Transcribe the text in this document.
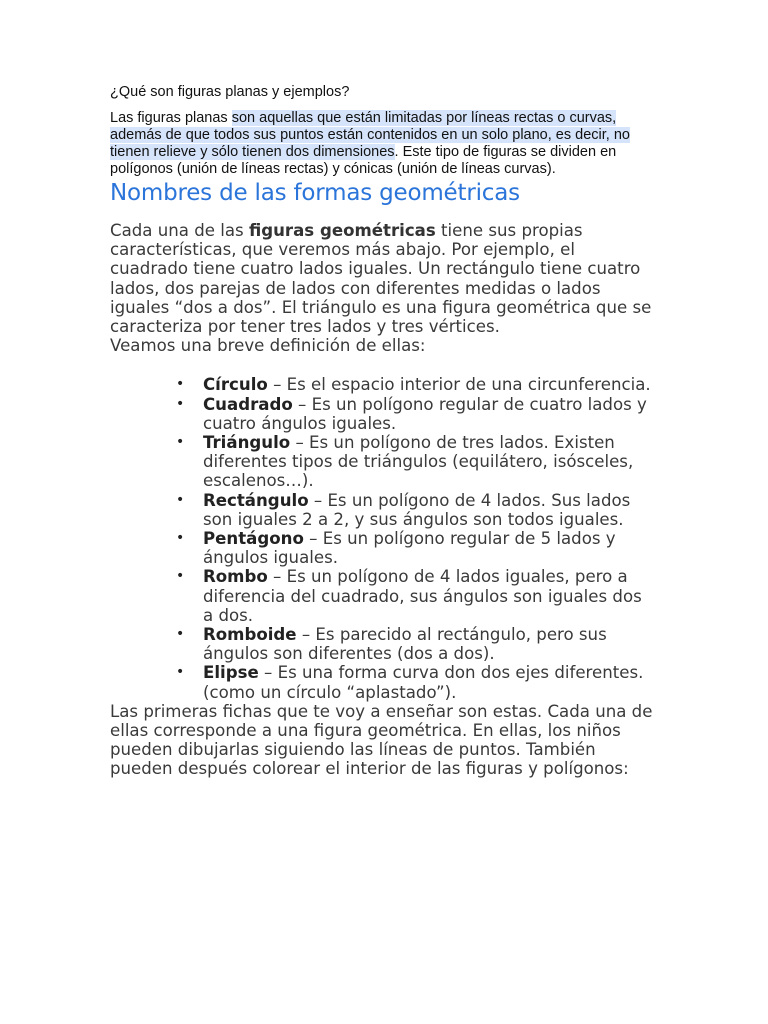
¿Qué son figuras planas y ejemplos?

Las figuras planas son aquellas que están limitadas por líneas rectas o curvas, además de que todos sus puntos están contenidos en un solo plano, es decir, no tienen relieve y sólo tienen dos dimensiones. Este tipo de figuras se dividen en polígonos (unión de líneas rectas) y cónicas (unión de líneas curvas).

Nombres de las formas geométricas

Cada una de las figuras geométricas tiene sus propias características, que veremos más abajo. Por ejemplo, el cuadrado tiene cuatro lados iguales. Un rectángulo tiene cuatro lados, dos parejas de lados con diferentes medidas o lados iguales “dos a dos”. El triángulo es una figura geométrica que se caracteriza por tener tres lados y tres vértices.

Veamos una breve definición de ellas:

• Círculo – Es el espacio interior de una circunferencia.
• Cuadrado – Es un polígono regular de cuatro lados y cuatro ángulos iguales.
• Triángulo – Es un polígono de tres lados. Existen diferentes tipos de triángulos (equilátero, isósceles, escalenos…).
• Rectángulo – Es un polígono de 4 lados. Sus lados son iguales 2 a 2, y sus ángulos son todos iguales.
• Pentágono – Es un polígono regular de 5 lados y ángulos iguales.
• Rombo – Es un polígono de 4 lados iguales, pero a diferencia del cuadrado, sus ángulos son iguales dos a dos.
• Romboide – Es parecido al rectángulo, pero sus ángulos son diferentes (dos a dos).
• Elipse – Es una forma curva don dos ejes diferentes. (como un círculo “aplastado”).

Las primeras fichas que te voy a enseñar son estas. Cada una de ellas corresponde a una figura geométrica. En ellas, los niños pueden dibujarlas siguiendo las líneas de puntos. También pueden después colorear el interior de las figuras y polígonos:
